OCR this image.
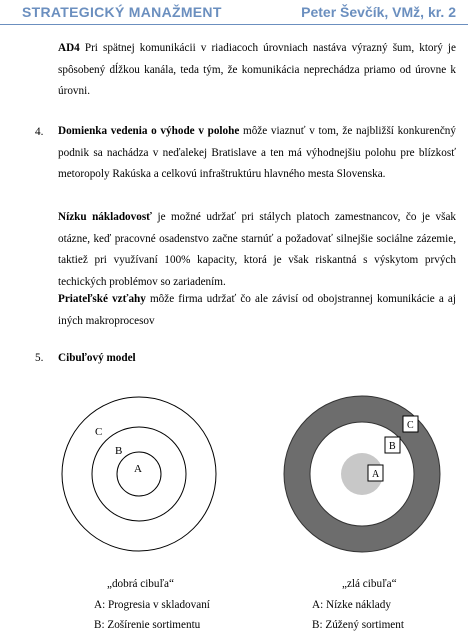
STRATEGICKÝ MANAŽMENT	Peter Ševčík, VMž, kr. 2
AD4 Pri spätnej komunikácii v riadiacoch úrovniach nastáva výrazný šum, ktorý je spôsobený dĺžkou kanála, teda tým, že komunikácia neprechádza priamo od úrovne k úrovni.
4. Domienka vedenia o výhode v polohe môže viaznuť v tom, že najbližší konkurenčný podnik sa nachádza v neďalekej Bratislave a ten má výhodnejšiu polohu pre blízkosť metoropoly Rakúska a celkovú infraštruktúru hlavného mesta Slovenska.
Nízku nákladovosť je možné udržať pri stálych platoch zamestnancov, čo je však otázne, keď pracovné osadenstvo začne starnúť a požadovať silnejšie sociálne zázemie, taktiež pri využívaní 100% kapacity, ktorá je však riskantná s výskytom prvých techických problémov so zariadením.
Priateľské vzťahy môže firma udržať čo ale závisí od obojstrannej komunikácie a aj iných makroprocesov
5. Cibuľový model
C
B
A
C
B
A
„dobrá cibuľa“
A: Progresia v skladovaní
B: Zošírenie sortimentu
„zlá cibuľa“
A: Nízke náklady
B: Zúžený sortiment
